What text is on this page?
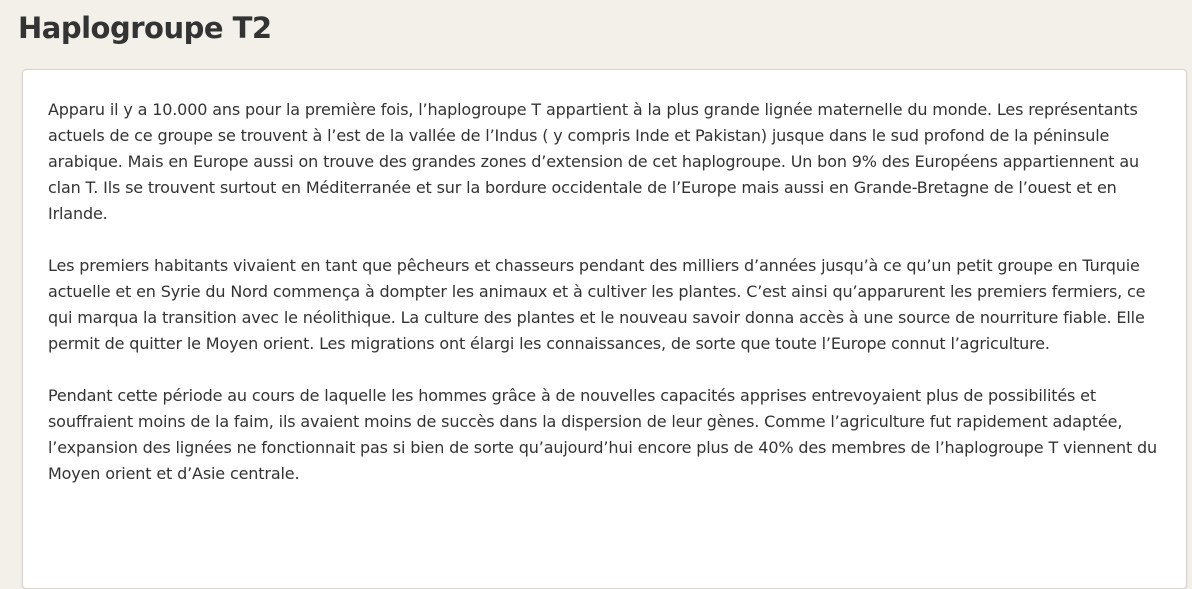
Haplogroupe T2

Apparu il y a 10.000 ans pour la première fois, l’haplogroupe T appartient à la plus grande lignée maternelle du monde. Les représentants actuels de ce groupe se trouvent à l’est de la vallée de l’Indus ( y compris Inde et Pakistan) jusque dans le sud profond de la péninsule arabique. Mais en Europe aussi on trouve des grandes zones d’extension de cet haplogroupe. Un bon 9% des Européens appartiennent au clan T. Ils se trouvent surtout en Méditerranée et sur la bordure occidentale de l’Europe mais aussi en Grande-Bretagne de l’ouest et en Irlande.

Les premiers habitants vivaient en tant que pêcheurs et chasseurs pendant des milliers d’années jusqu’à ce qu’un petit groupe en Turquie actuelle et en Syrie du Nord commença à dompter les animaux et à cultiver les plantes. C’est ainsi qu’apparurent les premiers fermiers, ce qui marqua la transition avec le néolithique. La culture des plantes et le nouveau savoir donna accès à une source de nourriture fiable. Elle permit de quitter le Moyen orient. Les migrations ont élargi les connaissances, de sorte que toute l’Europe connut l’agriculture.

Pendant cette période au cours de laquelle les hommes grâce à de nouvelles capacités apprises entrevoyaient plus de possibilités et souffraient moins de la faim, ils avaient moins de succès dans la dispersion de leur gènes. Comme l’agriculture fut rapidement adaptée, l’expansion des lignées ne fonctionnait pas si bien de sorte qu’aujourd’hui encore plus de 40% des membres de l’haplogroupe T viennent du Moyen orient et d’Asie centrale.
